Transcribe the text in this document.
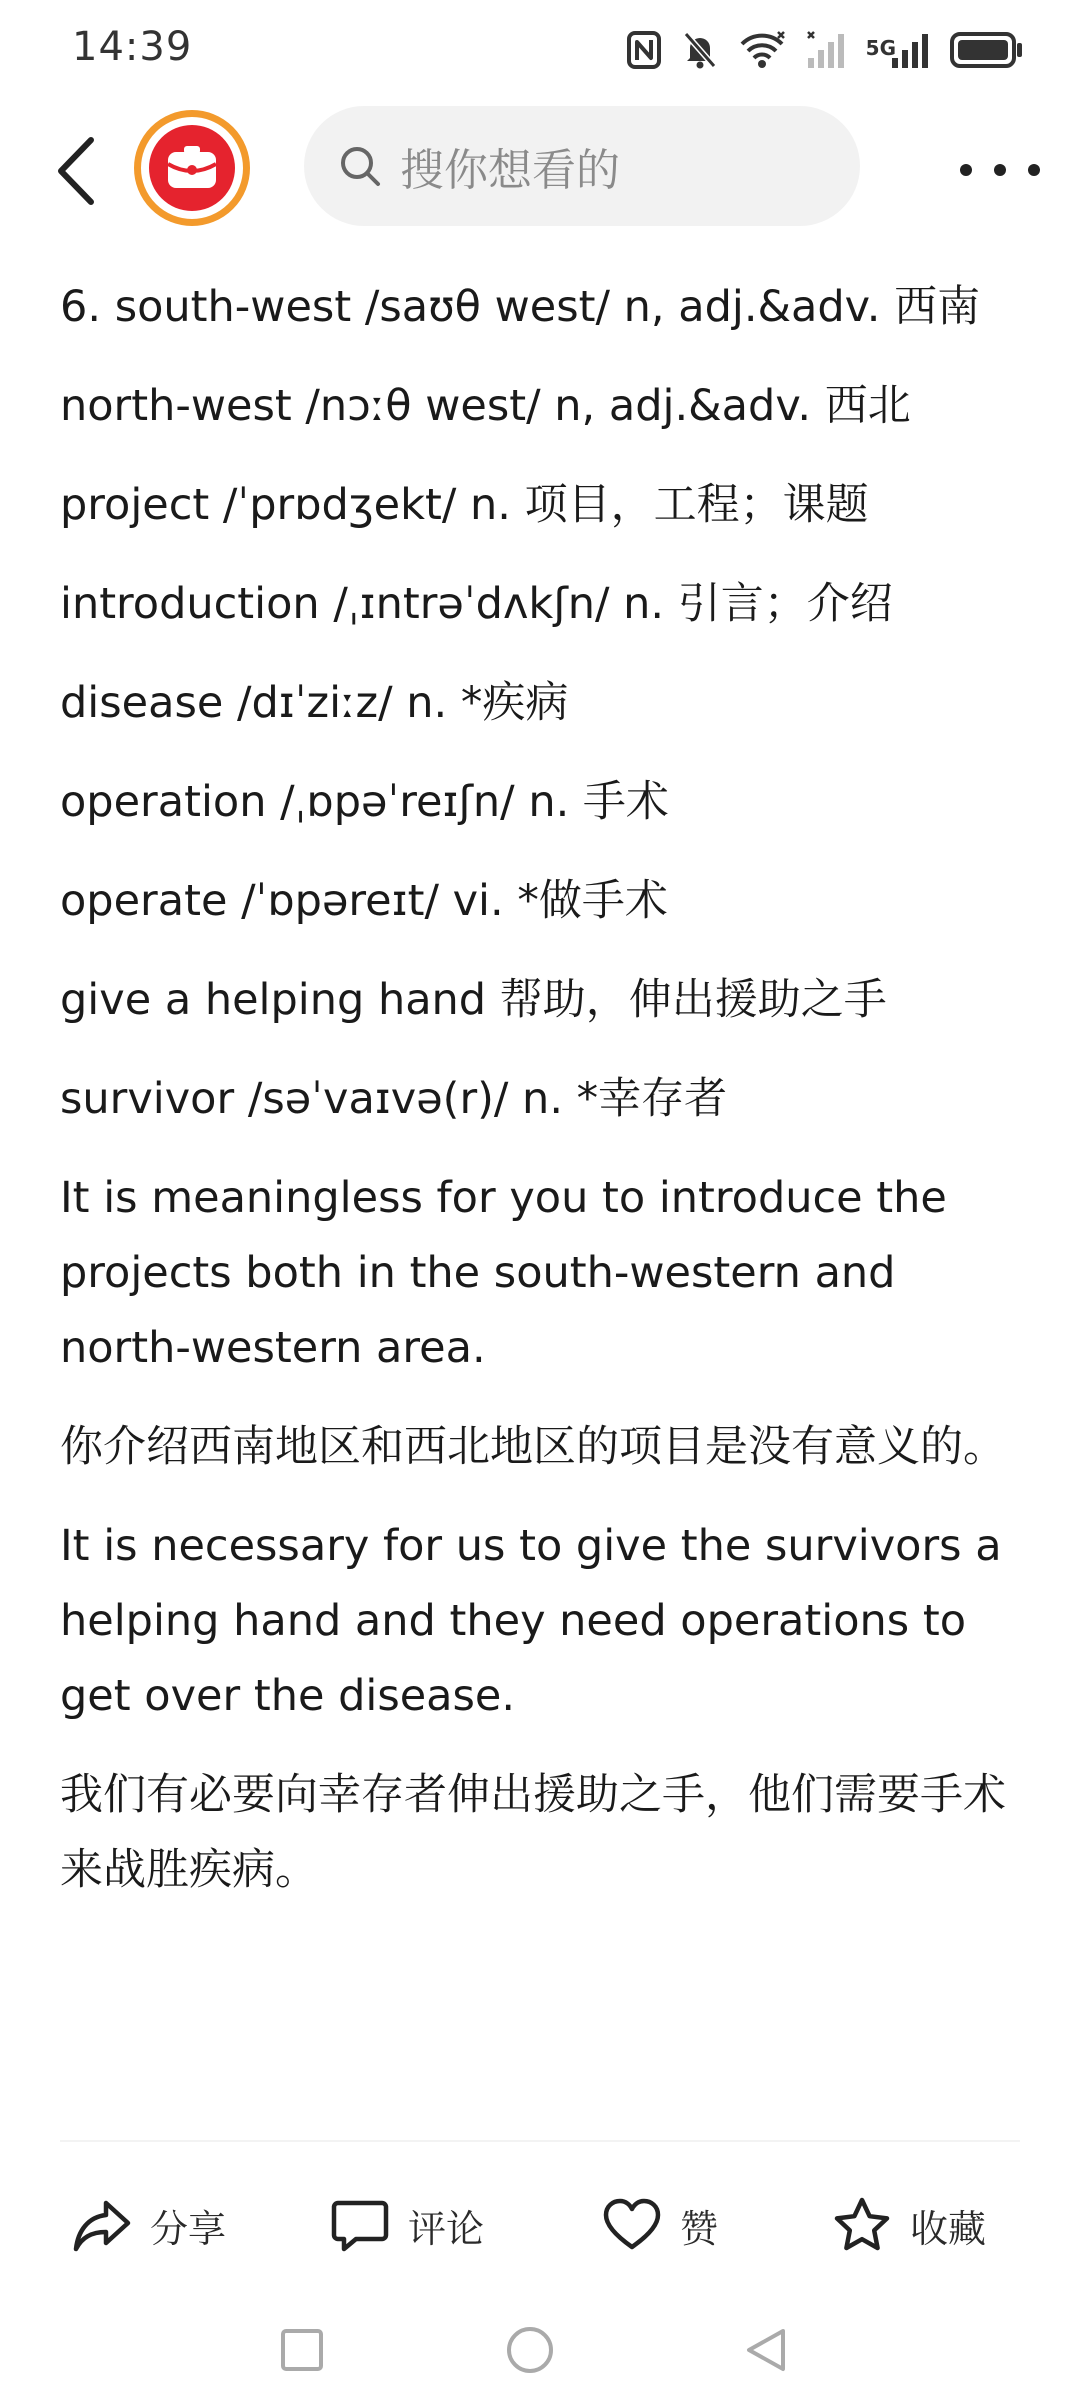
14:39	5G
搜你想看的

6. south-west /saʊθ west/ n, adj.&adv. 西南

north-west /nɔːθ west/ n, adj.&adv. 西北

project /ˈprɒdʒekt/ n. 项目，工程；课题

introduction /ˌɪntrəˈdʌkʃn/ n. 引言；介绍

disease /dɪˈziːz/ n. *疾病

operation /ˌɒpəˈreɪʃn/ n. 手术

operate /ˈɒpəreɪt/ vi. *做手术

give a helping hand 帮助，伸出援助之手

survivor /səˈvaɪvə(r)/ n. *幸存者

It is meaningless for you to introduce the projects both in the south-western and north-western area.

你介绍西南地区和西北地区的项目是没有意义的。

It is necessary for us to give the survivors a helping hand and they need operations to get over the disease.

我们有必要向幸存者伸出援助之手，他们需要手术来战胜疾病。

分享	评论	赞	收藏
